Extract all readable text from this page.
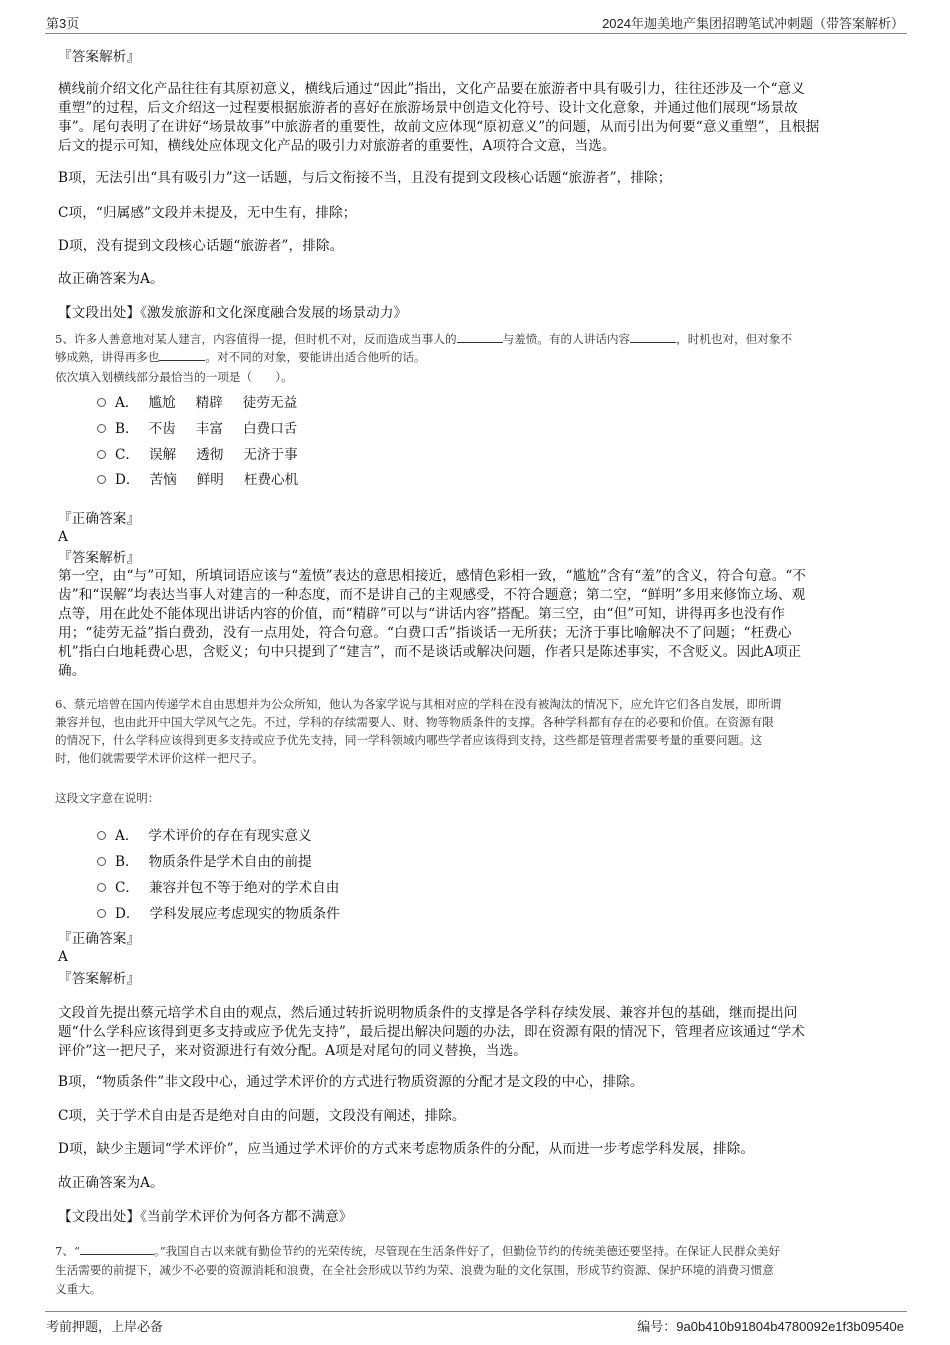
第3页	2024年迦美地产集团招聘笔试冲刺题（带答案解析）
『答案解析』
横线前介绍文化产品往往有其原初意义，横线后通过“因此”指出，文化产品要在旅游者中具有吸引力，往往还涉及一个“意义
重塑”的过程，后文介绍这一过程要根据旅游者的喜好在旅游场景中创造文化符号、设计文化意象，并通过他们展现“场景故
事”。尾句表明了在讲好“场景故事”中旅游者的重要性，故前文应体现“原初意义”的问题，从而引出为何要“意义重塑”，且根据
后文的提示可知，横线处应体现文化产品的吸引力对旅游者的重要性，A项符合文意，当选。
B项，无法引出“具有吸引力”这一话题，与后文衔接不当，且没有提到文段核心话题“旅游者”，排除；
C项，“归属感”文段并未提及，无中生有，排除；
D项，没有提到文段核心话题“旅游者”，排除。
故正确答案为A。
【文段出处】《激发旅游和文化深度融合发展的场景动力》
5、许多人善意地对某人建言，内容值得一提，但时机不对，反而造成当事人的	与羞愤。有的人讲话内容	，时机也对，但对象不
够成熟，讲得再多也	。对不同的对象，要能讲出适合他听的话。
依次填入划横线部分最恰当的一项是（　　）。
A． 尴尬 精辟 徒劳无益
B． 不齿 丰富 白费口舌
C． 误解 透彻 无济于事
D． 苦恼 鲜明 枉费心机
『正确答案』
A
『答案解析』
第一空，由“与”可知，所填词语应该与“羞愤”表达的意思相接近，感情色彩相一致，“尴尬”含有“羞”的含义，符合句意。“不
齿”和“误解”均表达当事人对建言的一种态度，而不是讲自己的主观感受，不符合题意；第二空，“鲜明”多用来修饰立场、观
点等，用在此处不能体现出讲话内容的价值，而“精辟”可以与“讲话内容”搭配。第三空，由“但”可知，讲得再多也没有作
用；“徒劳无益”指白费劲，没有一点用处，符合句意。“白费口舌”指谈话一无所获；无济于事比喻解决不了问题；“枉费心
机”指白白地耗费心思，含贬义；句中只提到了“建言”，而不是谈话或解决问题，作者只是陈述事实，不含贬义。因此A项正
确。
6、蔡元培曾在国内传递学术自由思想并为公众所知，他认为各家学说与其相对应的学科在没有被淘汰的情况下，应允许它们各自发展，即所谓
兼容并包，也由此开中国大学风气之先。不过，学科的存续需要人、财、物等物质条件的支撑。各种学科都有存在的必要和价值。在资源有限
的情况下，什么学科应该得到更多支持或应予优先支持，同一学科领域内哪些学者应该得到支持，这些都是管理者需要考量的重要问题。这
时，他们就需要学术评价这样一把尺子。
这段文字意在说明：
A． 学术评价的存在有现实意义
B． 物质条件是学术自由的前提
C． 兼容并包不等于绝对的学术自由
D． 学科发展应考虑现实的物质条件
『正确答案』
A
『答案解析』
文段首先提出蔡元培学术自由的观点，然后通过转折说明物质条件的支撑是各学科存续发展、兼容并包的基础，继而提出问
题“什么学科应该得到更多支持或应予优先支持”，最后提出解决问题的办法，即在资源有限的情况下，管理者应该通过“学术
评价”这一把尺子，来对资源进行有效分配。A项是对尾句的同义替换，当选。
B项，“物质条件”非文段中心，通过学术评价的方式进行物质资源的分配才是文段的中心，排除。
C项，关于学术自由是否是绝对自由的问题，文段没有阐述，排除。
D项，缺少主题词“学术评价”，应当通过学术评价的方式来考虑物质条件的分配，从而进一步考虑学科发展，排除。
故正确答案为A。
【文段出处】《当前学术评价为何各方都不满意》
7、“	。”我国自古以来就有勤俭节约的光荣传统，尽管现在生活条件好了，但勤俭节约的传统美德还要坚持。在保证人民群众美好
生活需要的前提下，减少不必要的资源消耗和浪费，在全社会形成以节约为荣、浪费为耻的文化氛围，形成节约资源、保护环境的消费习惯意
义重大。
考前押题，上岸必备	编号：9a0b410b91804b4780092e1f3b09540e
